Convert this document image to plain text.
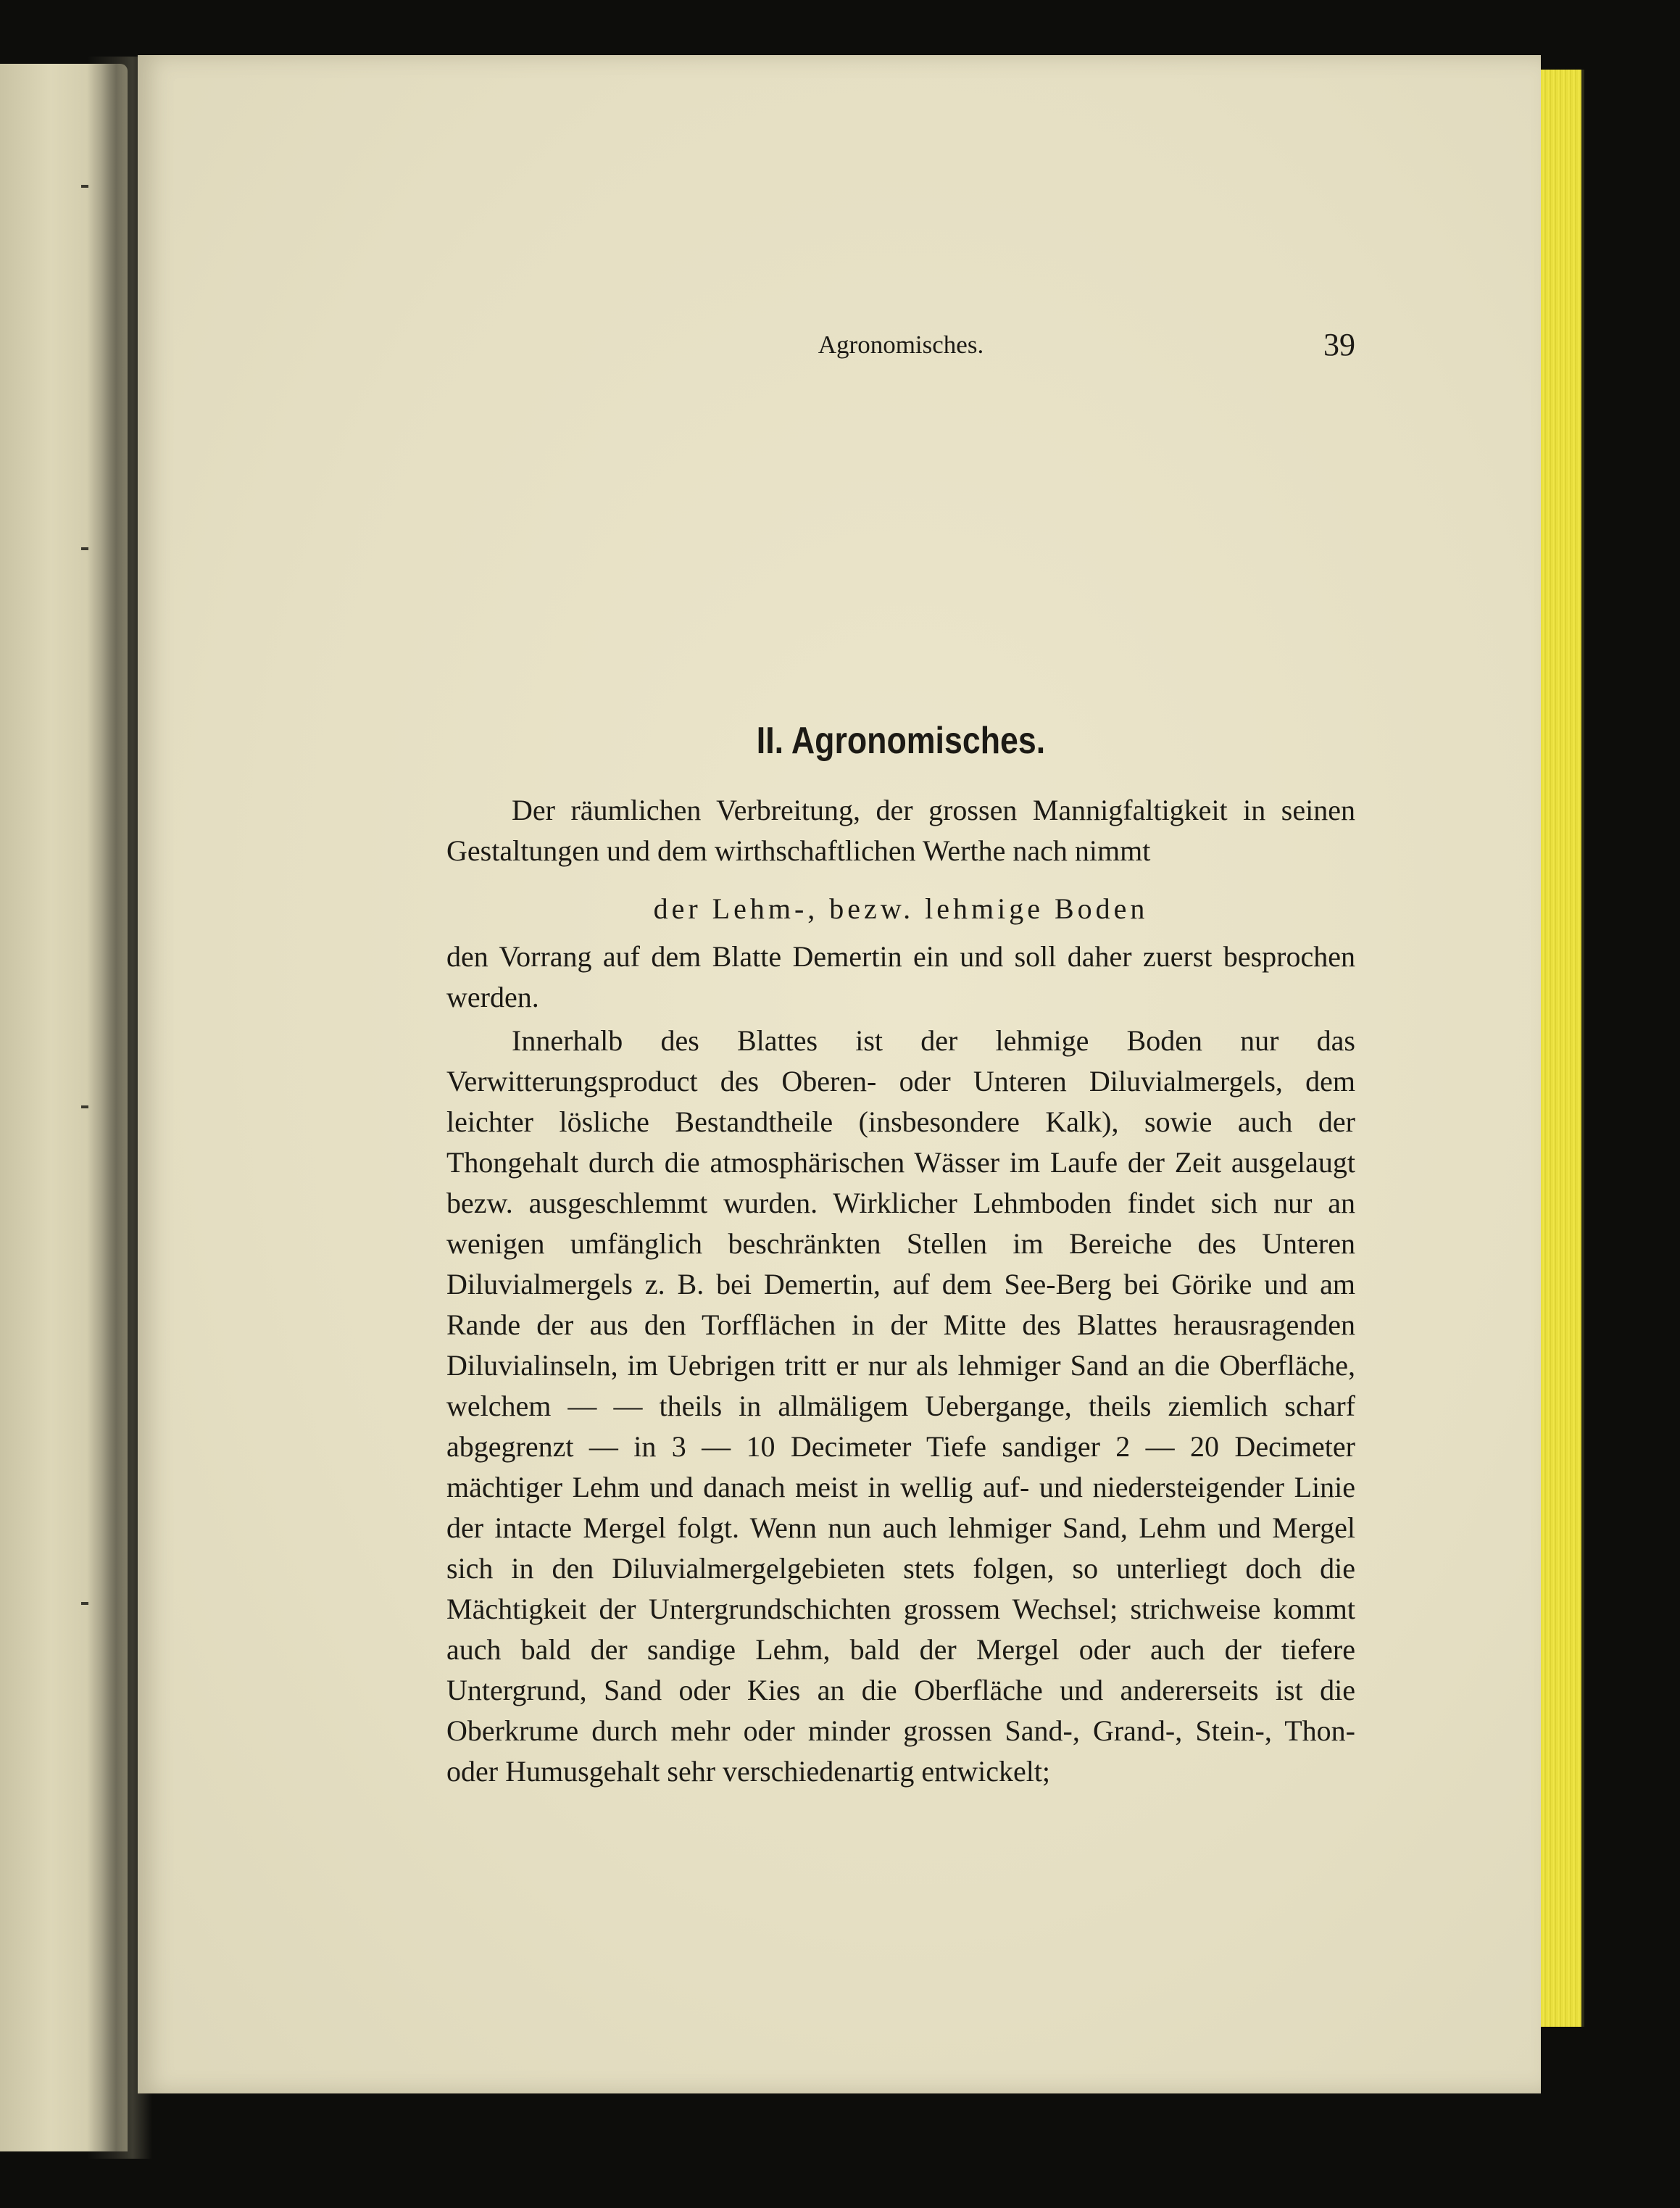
Agronomisches.	39
II. Agronomisches.

Der räumlichen Verbreitung, der grossen Mannigfaltigkeit in seinen Gestaltungen und dem wirthschaftlichen Werthe nach nimmt

der Lehm-, bezw. lehmige Boden

den Vorrang auf dem Blatte Demertin ein und soll daher zuerst besprochen werden.

Innerhalb des Blattes ist der lehmige Boden nur das Verwitterungsproduct des Oberen- oder Unteren Diluvialmergels, dem leichter lösliche Bestandtheile (insbesondere Kalk), sowie auch der Thongehalt durch die atmosphärischen Wässer im Laufe der Zeit ausgelaugt bezw. ausgeschlemmt wurden. Wirklicher Lehmboden findet sich nur an wenigen umfänglich beschränkten Stellen im Bereiche des Unteren Diluvialmergels z. B. bei Demertin, auf dem See-Berg bei Görike und am Rande der aus den Torfflächen in der Mitte des Blattes herausragenden Diluvialinseln, im Uebrigen tritt er nur als lehmiger Sand an die Oberfläche, welchem — — theils in allmäligem Uebergange, theils ziemlich scharf abgegrenzt — in 3 — 10 Decimeter Tiefe sandiger 2 — 20 Decimeter mächtiger Lehm und danach meist in wellig auf- und niedersteigender Linie der intacte Mergel folgt. Wenn nun auch lehmiger Sand, Lehm und Mergel sich in den Diluvialmergelgebieten stets folgen, so unterliegt doch die Mächtigkeit der Untergrundschichten grossem Wechsel; strichweise kommt auch bald der sandige Lehm, bald der Mergel oder auch der tiefere Untergrund, Sand oder Kies an die Oberfläche und andererseits ist die Oberkrume durch mehr oder minder grossen Sand-, Grand-, Stein-, Thon- oder Humusgehalt sehr verschiedenartig entwickelt;
